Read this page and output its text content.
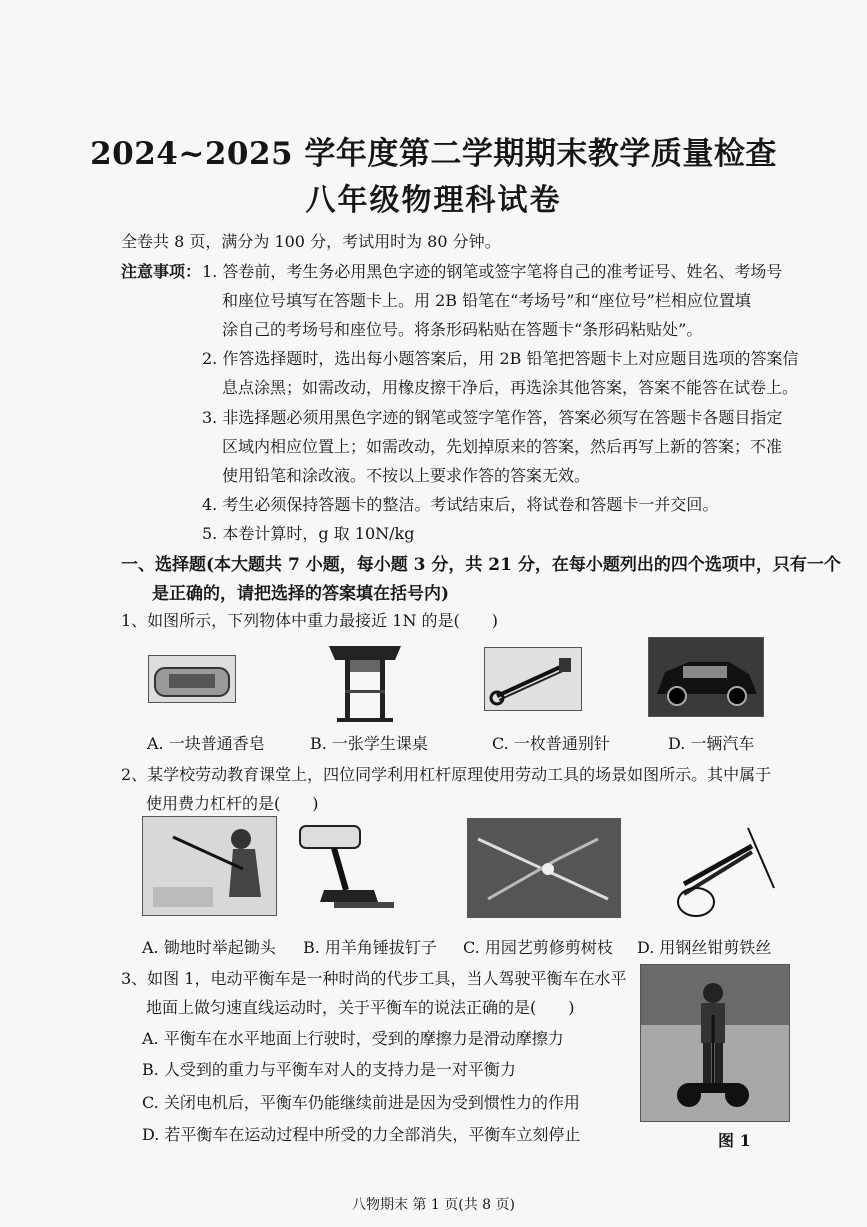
2024~2025 学年度第二学期期末教学质量检查
八年级物理科试卷
全卷共 8 页，满分为 100 分，考试用时为 80 分钟。
注意事项： 1. 答卷前，考生务必用黑色字迹的钢笔或签字笔将自己的准考证号、姓名、考场号
和座位号填写在答题卡上。用 2B 铅笔在“考场号”和“座位号”栏相应位置填
涂自己的考场号和座位号。将条形码粘贴在答题卡“条形码粘贴处”。
2. 作答选择题时，选出每小题答案后，用 2B 铅笔把答题卡上对应题目选项的答案信
息点涂黑；如需改动，用橡皮擦干净后，再选涂其他答案，答案不能答在试卷上。
3. 非选择题必须用黑色字迹的钢笔或签字笔作答，答案必须写在答题卡各题目指定
区域内相应位置上；如需改动，先划掉原来的答案，然后再写上新的答案；不准
使用铅笔和涂改液。不按以上要求作答的答案无效。
4. 考生必须保持答题卡的整洁。考试结束后，将试卷和答题卡一并交回。
5. 本卷计算时，g 取 10N/kg
一、选择题(本大题共 7 小题，每小题 3 分，共 21 分，在每小题列出的四个选项中，只有一个
是正确的，请把选择的答案填在括号内)
1、如图所示，下列物体中重力最接近 1N 的是(　　)
A. 一块普通香皂	B. 一张学生课桌	C. 一枚普通别针	D. 一辆汽车
2、某学校劳动教育课堂上，四位同学利用杠杆原理使用劳动工具的场景如图所示。其中属于
使用费力杠杆的是(　　)
A. 锄地时举起锄头 B. 用羊角锤拔钉子 C. 用园艺剪修剪树枝 D. 用钢丝钳剪铁丝
3、如图 1，电动平衡车是一种时尚的代步工具，当人驾驶平衡车在水平
地面上做匀速直线运动时，关于平衡车的说法正确的是(　　)
A. 平衡车在水平地面上行驶时，受到的摩擦力是滑动摩擦力
B. 人受到的重力与平衡车对人的支持力是一对平衡力
C. 关闭电机后，平衡车仍能继续前进是因为受到惯性力的作用
D. 若平衡车在运动过程中所受的力全部消失，平衡车立刻停止	图 1
八物期末 第 1 页(共 8 页)
